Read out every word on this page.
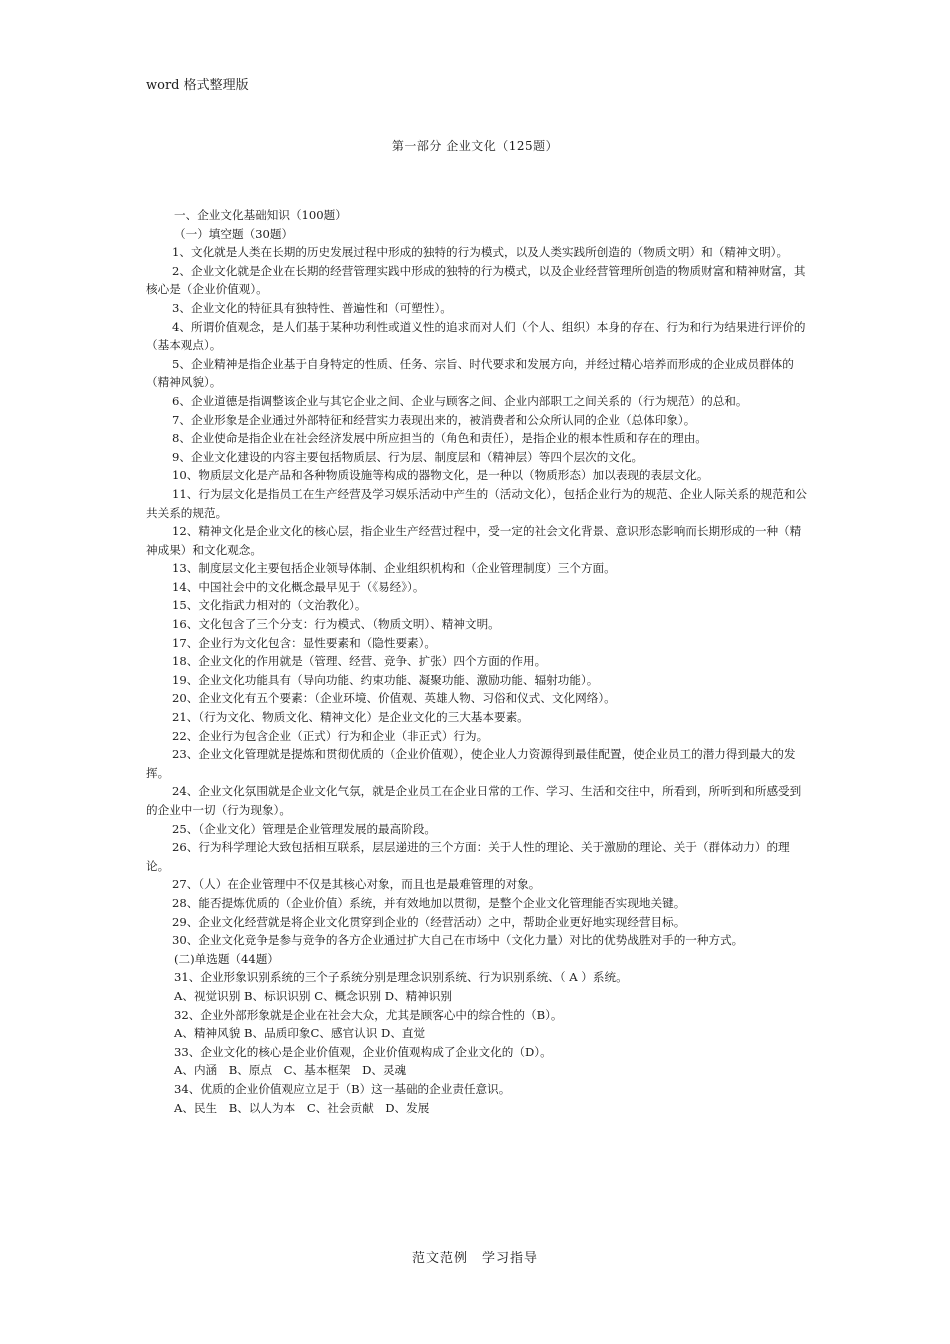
word 格式整理版
第一部分 企业文化（125题）

一、企业文化基础知识（100题）

（一）填空题（30题）

1、文化就是人类在长期的历史发展过程中形成的独特的行为模式，以及人类实践所创造的（物质文明）和（精神文明）。

2、企业文化就是企业在长期的经营管理实践中形成的独特的行为模式，以及企业经营管理所创造的物质财富和精神财富，其核心是（企业价值观）。

3、企业文化的特征具有独特性、普遍性和（可塑性）。

4、所谓价值观念，是人们基于某种功利性或道义性的追求而对人们（个人、组织）本身的存在、行为和行为结果进行评价的（基本观点）。

5、企业精神是指企业基于自身特定的性质、任务、宗旨、时代要求和发展方向，并经过精心培养而形成的企业成员群体的（精神风貌）。

6、企业道德是指调整该企业与其它企业之间、企业与顾客之间、企业内部职工之间关系的（行为规范）的总和。

7、企业形象是企业通过外部特征和经营实力表现出来的，被消费者和公众所认同的企业（总体印象）。

8、企业使命是指企业在社会经济发展中所应担当的（角色和责任），是指企业的根本性质和存在的理由。

9、企业文化建设的内容主要包括物质层、行为层、制度层和（精神层）等四个层次的文化。

10、物质层文化是产品和各种物质设施等构成的器物文化，是一种以（物质形态）加以表现的表层文化。

11、行为层文化是指员工在生产经营及学习娱乐活动中产生的（活动文化），包括企业行为的规范、企业人际关系的规范和公共关系的规范。

12、精神文化是企业文化的核心层，指企业生产经营过程中，受一定的社会文化背景、意识形态影响而长期形成的一种（精神成果）和文化观念。

13、制度层文化主要包括企业领导体制、企业组织机构和（企业管理制度）三个方面。

14、中国社会中的文化概念最早见于（《易经》）。

15、文化指武力相对的（文治教化）。

16、文化包含了三个分支：行为模式、（物质文明）、精神文明。

17、企业行为文化包含：显性要素和（隐性要素）。

18、企业文化的作用就是（管理、经营、竞争、扩张）四个方面的作用。

19、企业文化功能具有（导向功能、约束功能、凝聚功能、激励功能、辐射功能）。

20、企业文化有五个要素：（企业环境、价值观、英雄人物、习俗和仪式、文化网络）。

21、（行为文化、物质文化、精神文化）是企业文化的三大基本要素。

22、企业行为包含企业（正式）行为和企业（非正式）行为。

23、企业文化管理就是提炼和贯彻优质的（企业价值观），使企业人力资源得到最佳配置，使企业员工的潜力得到最大的发挥。

24、企业文化氛围就是企业文化气氛，就是企业员工在企业日常的工作、学习、生活和交往中，所看到，所听到和所感受到的企业中一切（行为现象）。

25、（企业文化）管理是企业管理发展的最高阶段。

26、行为科学理论大致包括相互联系，层层递进的三个方面：关于人性的理论、关于激励的理论、关于（群体动力）的理论。

27、（人）在企业管理中不仅是其核心对象，而且也是最难管理的对象。

28、能否提炼优质的（企业价值）系统，并有效地加以贯彻，是整个企业文化管理能否实现地关键。

29、企业文化经营就是将企业文化贯穿到企业的（经营活动）之中，帮助企业更好地实现经营目标。

30、企业文化竞争是参与竞争的各方企业通过扩大自己在市场中（文化力量）对比的优势战胜对手的一种方式。

(二)单选题（44题）

31、企业形象识别系统的三个子系统分别是理念识别系统、行为识别系统、（ A ）系统。

A、视觉识别 B、标识识别 C、概念识别 D、精神识别

32、企业外部形象就是企业在社会大众，尤其是顾客心中的综合性的（B）。

A、精神风貌 B、品质印象C、感官认识 D、直觉

33、企业文化的核心是企业价值观，企业价值观构成了企业文化的（D）。

A、内涵　B、原点　C、基本框架　D、灵魂

34、优质的企业价值观应立足于（B）这一基础的企业责任意识。

A、民生　B、以人为本　C、社会贡献　D、发展

范文范例　学习指导
